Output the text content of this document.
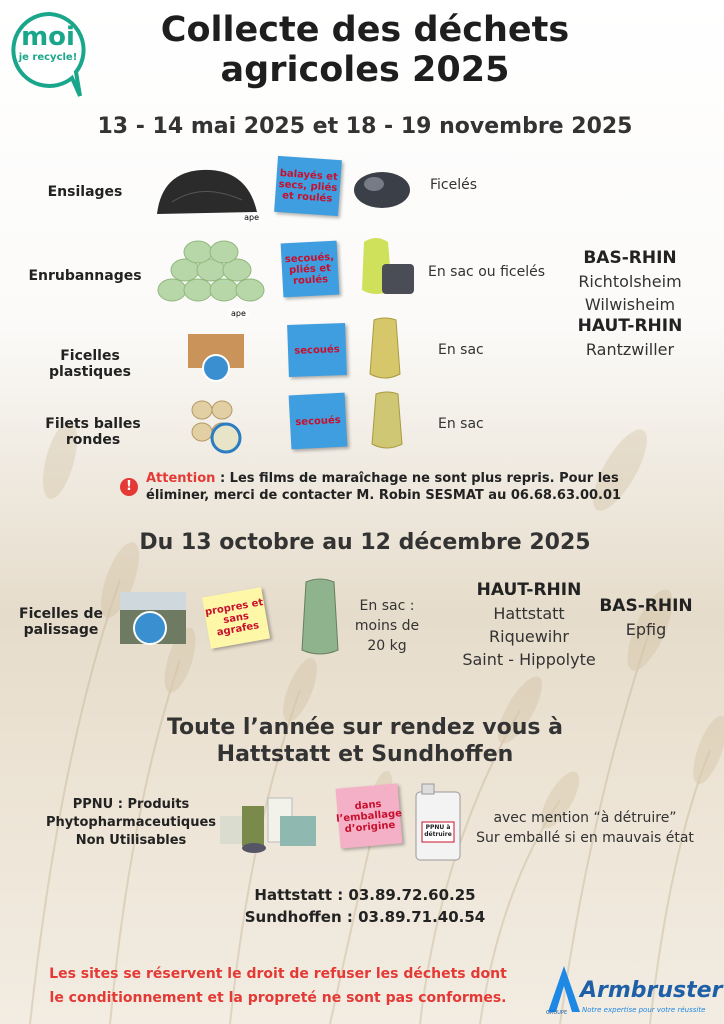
moi
je recycle!
Collecte des déchets
agricoles 2025
13 - 14 mai 2025 et 18 - 19 novembre 2025
Ensilages
ape
balayés et secs, pliés et roulés
Ficelés
Enrubannages
ape
secoués, pliés et roulés	En sac ou ficelés
Ficelles plastiques
secoués	En sac
Filets balles rondes
secoués	En sac
BAS-RHIN
Richtolsheim
Wilwisheim
HAUT-RHIN
Rantzwiller
!
Attention : Les films de maraîchage ne sont plus repris. Pour les éliminer, merci de contacter M. Robin SESMAT au 06.68.63.00.01
Du 13 octobre au 12 décembre 2025
Ficelles de
palissage
propres et sans agrafes
En sac :
moins de
20 kg
HAUT-RHIN
Hattstatt
Riquewihr
Saint - Hippolyte
BAS-RHIN
Epfig
Toute l’année sur rendez vous à
Hattstatt et Sundhoffen
PPNU : Produits
Phytopharmaceutiques
Non Utilisables
dans l’emballage d’origine	PPNU à détruire
avec mention “à détruire”
Sur emballé si en mauvais état
Hattstatt : 03.89.72.60.25
Sundhoffen : 03.89.71.40.54
Les sites se réservent le droit de refuser les déchets dont
le conditionnement et la propreté ne sont pas conformes.	Armbruster
Notre expertise pour votre réussite
GROUPE
